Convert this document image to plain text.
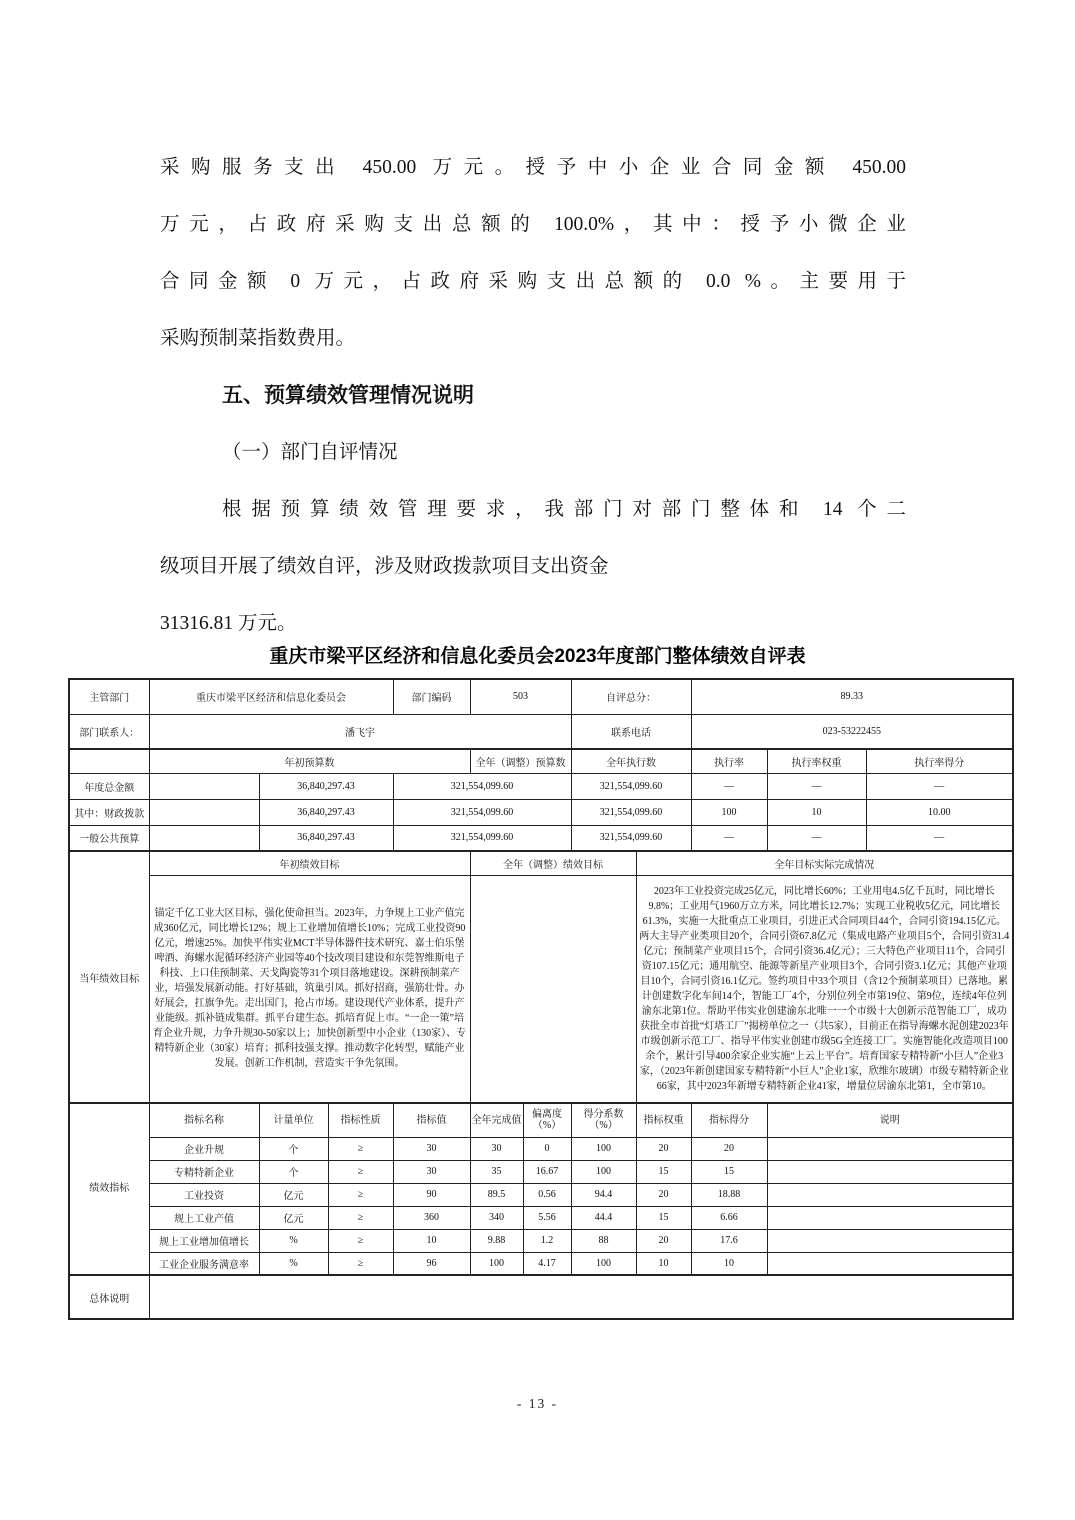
采购服务支出 450.00 万元。授予中小企业合同金额 450.00
万元，占政府采购支出总额的 100.0%，其中：授予小微企业
合同金额 0 万元，占政府采购支出总额的 0.0 %。主要用于
采购预制菜指数费用。
五、预算绩效管理情况说明
（一）部门自评情况
根据预算绩效管理要求，我部门对部门整体和 14 个二
级项目开展了绩效自评，涉及财政拨款项目支出资金
31316.81 万元。
重庆市梁平区经济和信息化委员会2023年度部门整体绩效自评表
主管部门	重庆市梁平区经济和信息化委员会			部门编码	503		自评总分：		89.33		
部门联系人：	潘飞宇						联系电话		023-53222455		
	年初预算数				全年（调整）预算数		全年执行数		执行率	执行率权重	执行率得分
年度总金额		36,840,297.43		321,554,099.60			321,554,099.60		—	—	—
其中：财政拨款		36,840,297.43		321,554,099.60			321,554,099.60		100	10	10.00
一般公共预算		36,840,297.43		321,554,099.60			321,554,099.60		—	—	—
当年绩效目标	年初绩效目标				全年（调整）绩效目标			全年目标实际完成情况			
锚定千亿工业大区目标，强化使命担当。2023年，力争规上工业产值完成360亿元，同比增长12%；规上工业增加值增长10%；完成工业投资90亿元，增速25%。加快平伟实业MCT半导体器件技术研究、嘉士伯乐堡啤酒、海螺水泥循环经济产业园等40个技改项目建设和东莞智维斯电子科技、上口佳预制菜、天戈陶瓷等31个项目落地建设。深耕预制菜产业，培强发展新动能。打好基础，筑巢引凤。抓好招商，强筋壮骨。办好展会，扛旗争先。走出国门，抢占市场。建设现代产业体系，提升产业能级。抓补链成集群。抓平台建生态。抓培育促上市。“一企一策”培育企业升规，力争升规30-50家以上；加快创新型中小企业（130家）、专精特新企业（30家）培育；抓科技强支撑。推动数字化转型，赋能产业发展。创新工作机制，营造实干争先氛围。		2023年工业投资完成25亿元，同比增长60%；工业用电4.5亿千瓦时，同比增长9.8%；工业用气1960万立方米，同比增长12.7%；实现工业税收5亿元，同比增长61.3%，实施一大批重点工业项目，引进正式合同项目44个，合同引资194.15亿元。两大主导产业类项目20个，合同引资67.8亿元（集成电路产业项目5个，合同引资31.4亿元；预制菜产业项目15个，合同引资36.4亿元）；三大特色产业项目11个，合同引资107.15亿元；通用航空、能源等新星产业项目3个，合同引资3.1亿元；其他产业项目10个，合同引资16.1亿元。签约项目中33个项目（含12个预制菜项目）已落地。累计创建数字化车间14个，智能工厂4个，分别位列全市第19位、第9位，连续4年位列渝东北第1位。帮助平伟实业创建渝东北唯一一个市级十大创新示范智能工厂，成功获批全市首批“灯塔工厂”揭榜单位之一（共5家），目前正在指导海螺水泥创建2023年市级创新示范工厂、指导平伟实业创建市级5G全连接工厂。实施智能化改造项目100余个，累计引导400余家企业实施“上云上平台”。培育国家专精特新“小巨人”企业3家，（2023年新创建国家专精特新“小巨人”企业1家，欣维尔玻璃）市级专精特新企业66家，其中2023年新增专精特新企业41家，增量位居渝东北第1，全市第10。
绩效指标	指标名称	计量单位	指标性质	指标值	全年完成值	偏离度（%）	得分系数（%）	指标权重	指标得分	说明	
	企业升规	个	≥	30	30	0	100	20	20		
	专精特新企业	个	≥	30	35	16.67	100	15	15		
	工业投资	亿元	≥	90	89.5	0.56	94.4	20	18.88		
	规上工业产值	亿元	≥	360	340	5.56	44.4	15	6.66		
	规上工业增加值增长	%	≥	10	9.88	1.2	88	20	17.6		
	工业企业服务满意率	%	≥	96	100	4.17	100	10	10		
总体说明											
- 13 -
